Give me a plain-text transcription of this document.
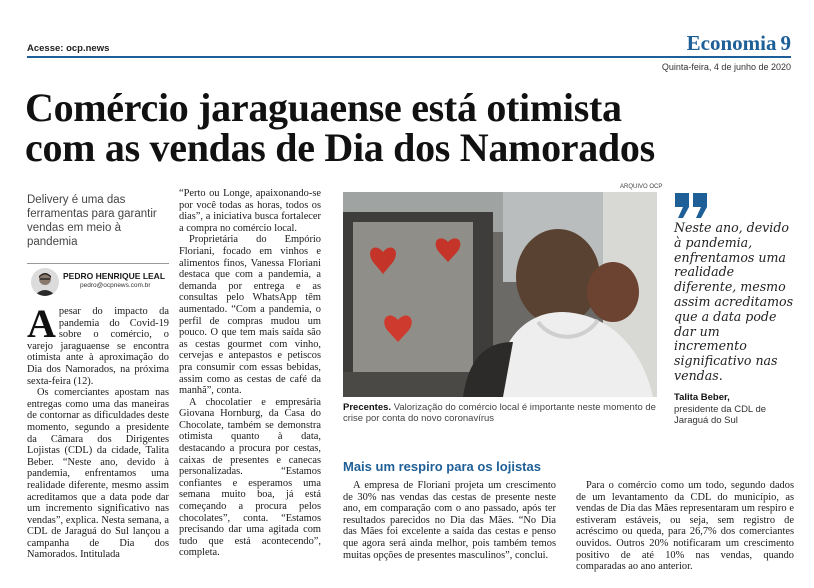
Acesse: ocp.news	Economia 9
Quinta-feira, 4 de junho de 2020
Comércio jaraguaense está otimista
com as vendas de Dia dos Namorados
Delivery é uma das ferramentas para garantir vendas em meio à pandemia
PEDRO HENRIQUE LEAL
pedro@ocpnews.com.br

Apesar do impacto da pandemia do Covid-19 sobre o comércio, o varejo jaraguaense se encontra otimista ante à aproximação do Dia dos Namorados, na próxima sexta-feira (12).

Os comerciantes apostam nas entregas como uma das maneiras de contornar as dificuldades deste momento, segundo a presidente da Câmara dos Dirigentes Lojistas (CDL) da cidade, Talita Beber. “Neste ano, devido à pandemia, enfrentamos uma realidade diferente, mesmo assim acreditamos que a data pode dar um incremento significativo nas vendas”, explica. Nesta semana, a CDL de Jaraguá do Sul lançou a campanha de Dia dos Namorados. Intitulada

“Perto ou Longe, apaixonando-se por você todas as horas, todos os dias”, a iniciativa busca fortalecer a compra no comércio local.

Proprietária do Empório Floriani, focado em vinhos e alimentos finos, Vanessa Floriani destaca que com a pandemia, a demanda por entrega e as consultas pelo WhatsApp têm aumentado. “Com a pandemia, o perfil de compras mudou um pouco. O que tem mais saída são as cestas gourmet com vinho, cervejas e antepastos e petiscos pra consumir com essas bebidas, assim como as cestas de café da manhã”, conta.

A chocolatier e empresária Giovana Hornburg, da Casa do Chocolate, também se demonstra otimista quanto à data, destacando a procura por cestas, caixas de presentes e canecas personalizadas. “Estamos confiantes e esperamos uma semana muito boa, já está começando a procura pelos chocolates”, conta. “Estamos precisando dar uma agitada com tudo que está acontecendo”, completa.

ARQUIVO OCP
Precentes. Valorização do comércio local é importante neste momento de crise por conta do novo coronavírus
Neste ano, devido à pandemia, enfrentamos uma realidade diferente, mesmo assim acreditamos que a data pode dar um incremento significativo nas vendas.
Talita Beber,
presidente da CDL de Jaraguá do Sul
Mais um respiro para os lojistas

A empresa de Floriani projeta um crescimento de 30% nas vendas das cestas de presente neste ano, em comparação com o ano passado, após ter resultados parecidos no Dia das Mães. “No Dia das Mães foi excelente a saída das cestas e penso que agora será ainda melhor, pois também temos muitas opções de presentes masculinos”, conclui.

Para o comércio como um todo, segundo dados de um levantamento da CDL do município, as vendas de Dia das Mães representaram um respiro e estiveram estáveis, ou seja, sem registro de acréscimo ou queda, para 26,7% dos comerciantes ouvidos. Outros 20% notificaram um crescimento positivo de até 10% nas vendas, quando comparadas ao ano anterior.
